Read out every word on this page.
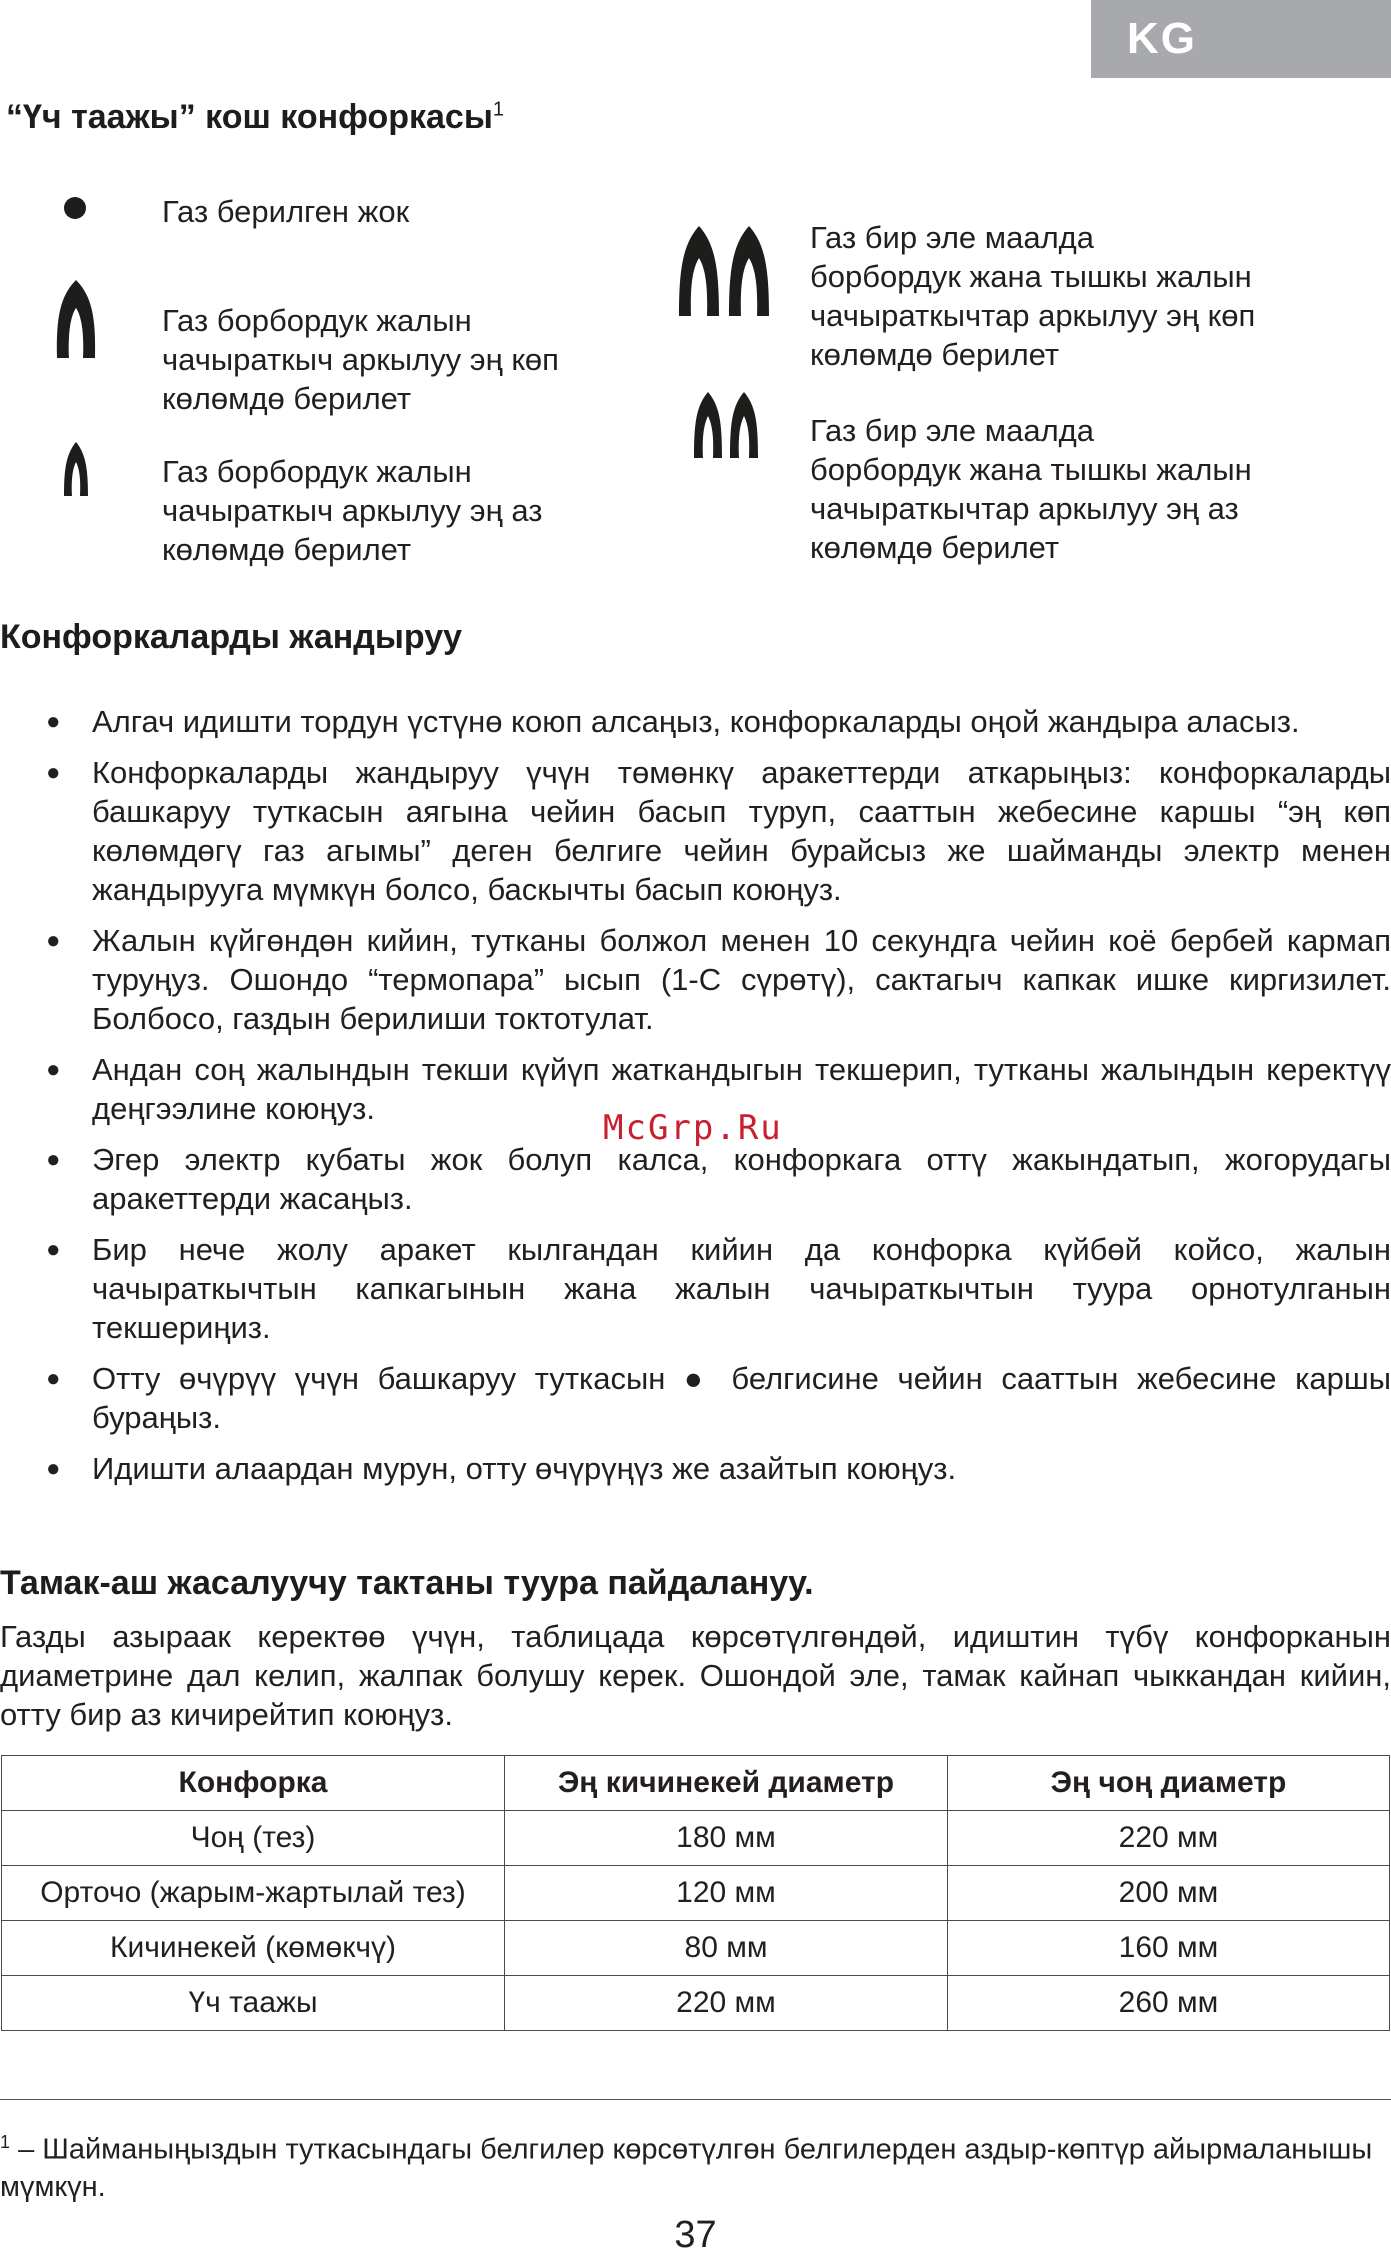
KG
“Үч таажы” кош конфоркасы$^1$
Газ берилген жок
Газ борбордук жалын
чачыраткыч аркылуу эң көп
көлөмдө берилет
Газ борбордук жалын
чачыраткыч аркылуу эң аз
көлөмдө берилет
Газ бир эле маалда
борбордук жана тышкы жалын
чачыраткычтар аркылуу эң көп
көлөмдө берилет
Газ бир эле маалда
борбордук жана тышкы жалын
чачыраткычтар аркылуу эң аз
көлөмдө берилет
Конфоркаларды жандыруу
● Алгач идишти тордун үстүнө коюп алсаңыз, конфоркаларды оңой жандыра аласыз.
● Конфоркаларды жандыруу үчүн төмөнкү аракеттерди аткарыңыз: конфоркаларды башкаруу туткасын аягына чейин басып туруп, сааттын жебесине каршы “эң көп көлөмдөгү газ агымы” деген белгиге чейин бурайсыз же шайманды электр менен жандырууга мүмкүн болсо, баскычты басып коюңуз.
● Жалын күйгөндөн кийин, тутканы болжол менен 10 секундга чейин коё бербей кармап туруңуз. Ошондо “термопара” ысып (1-С сүрөтү), сактагыч капкак ишке киргизилет. Болбосо, газдын берилиши токтотулат.
● Андан соң жалындын текши күйүп жаткандыгын текшерип, тутканы жалындын керектүү деңгээлине коюңуз.
● Эгер электр кубаты жок болуп калса, конфоркага оттү жакындатып, жогорудагы аракеттерди жасаңыз.
● Бир нече жолу аракет кылгандан кийин да конфорка күйбөй койсо, жалын чачыраткычтын капкагынын жана жалын чачыраткычтын туура орнотулганын текшериңиз.
● Отту өчүрүү үчүн башкаруу туткасын ● белгисине чейин сааттын жебесине каршы бураңыз.
● Идишти алаардан мурун, отту өчүрүңүз же азайтып коюңуз.
McGrp.Ru
Тамак-аш жасалуучу тактаны туура пайдалануу.

Газды азыраак керектөө үчүн, таблицада көрсөтүлгөндөй, идиштин түбү конфорканын диаметрине дал келип, жалпак болушу керек. Ошондой эле, тамак кайнап чыккандан кийин, отту бир аз кичирейтип коюңуз.

Конфорка	Эң кичинекей диаметр	Эң чоң диаметр
Чоң (тез)	180 мм	220 мм
Орточо (жарым-жартылай тез)	120 мм	200 мм
Кичинекей (көмөкчү)	80 мм	160 мм
Үч таажы	220 мм	260 мм
$^1$ – Шайманыңыздын туткасындагы белгилер көрсөтүлгөн белгилерден аздыр-көптүр айырмаланышы мүмкүн.
37
